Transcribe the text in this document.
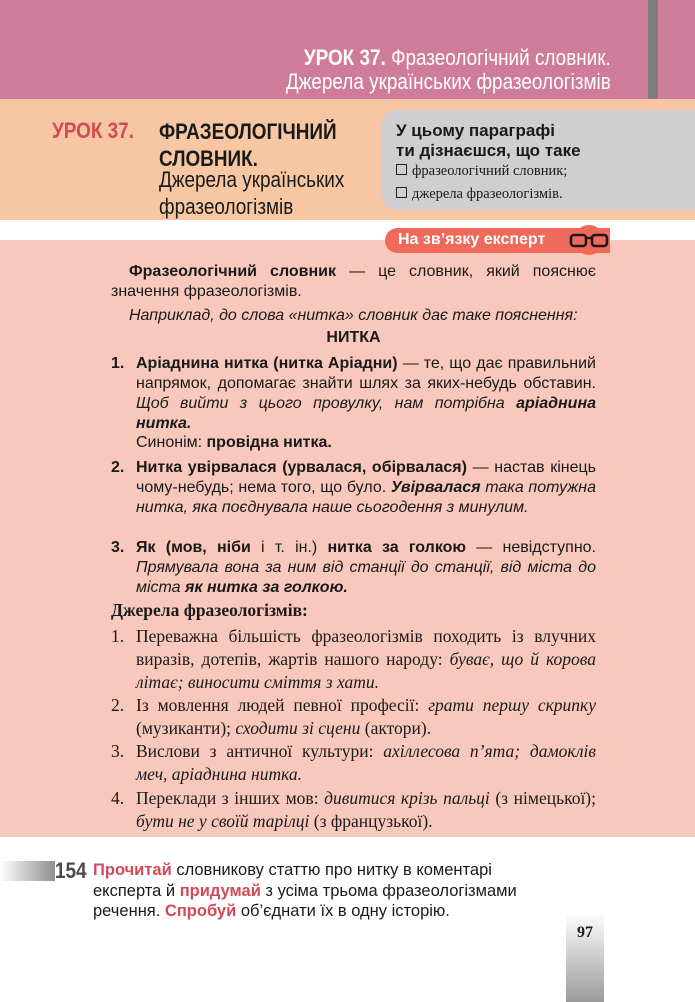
УРОК 37. Фразеологічний словник.
Джерела українських фразеологізмів
УРОК 37. ФРАЗЕОЛОГІЧНИЙ
СЛОВНИК.
Джерела українських
фразеологізмів
У цьому параграфі
ти дізнаєшся, що таке
фразеологічний словник;
джерела фразеологізмів.
На зв’язку експерт
Фразеологічний словник — це словник, який пояснює значення фразеологізмів.
Наприклад, до слова «нитка» словник дає таке пояснення:
НИТКА
1. Аріаднина нитка (нитка Аріадни) — те, що дає правильний напрямок, допомагає знайти шлях за яких-небудь обставин. Щоб вийти з цього провулку, нам потрібна аріаднина нитка.
Синонім: провідна нитка.
2. Нитка увірвалася (урвалася, обірвалася) — настав кінець чому-небудь; нема того, що було. Увірвалася така потужна нитка, яка поєднувала наше сьогодення з минулим.
3. Як (мов, ніби і т. ін.) нитка за голкою — невідступно. Прямувала вона за ним від станції до станції, від міста до міста як нитка за голкою.
Джерела фразеологізмів:
1. Переважна більшість фразеологізмів походить із влучних виразів, дотепів, жартів нашого народу: буває, що й корова літає; виносити сміття з хати.
2. Із мовлення людей певної професії: грати першу скрипку (музиканти); сходити зі сцени (актори).
3. Вислови з античної культури: ахіллесова п’ята; дамоклів меч, аріаднина нитка.
4. Переклади з інших мов: дивитися крізь пальці (з німецької); бути не у своїй тарілці (з французької).
154 Прочитай словникову статтю про нитку в коментарі експерта й придумай з усіма трьома фразеологізмами речення. Спробуй об’єднати їх в одну історію.
97
